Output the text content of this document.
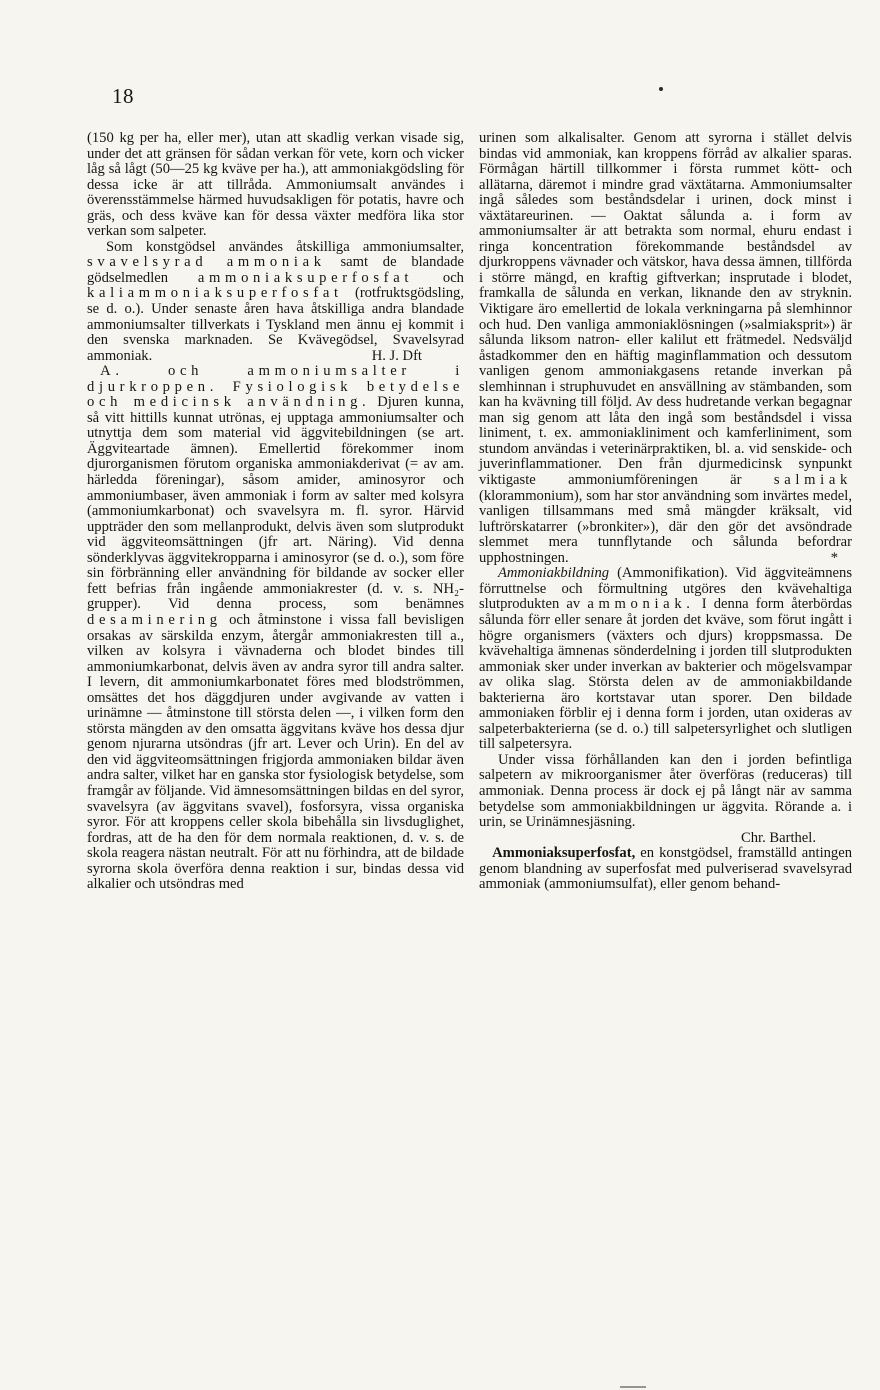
18

(150 kg per ha, eller mer), utan att skadlig verkan visade sig, under det att gränsen för sådan verkan för vete, korn och vicker låg så lågt (50—25 kg kväve per ha.), att ammoniakgödsling för dessa icke är att tillråda. Ammoniumsalt användes i överensstämmelse härmed huvudsakligen för potatis, havre och gräs, och dess kväve kan för dessa växter medföra lika stor verkan som salpeter.

Som konstgödsel användes åtskilliga ammoniumsalter, svavelsyrad ammoniak samt de blandade gödselmedlen ammoniaksuperfosfat och kaliammoniaksuperfosfat (rotfruktsgödsling, se d. o.). Under senaste åren hava åtskilliga andra blandade ammoniumsalter tillverkats i Tyskland men ännu ej kommit i den svenska marknaden. Se Kvävegödsel, Svavelsyrad ammoniak.	H. J. Dft

A. och ammoniumsalter i djurkroppen. Fysiologisk betydelse och medicinsk användning. Djuren kunna, så vitt hittills kunnat utrönas, ej upptaga ammoniumsalter och utnyttja dem som material vid äggvitebildningen (se art. Äggviteartade ämnen). Emellertid förekommer inom djurorganismen förutom organiska ammoniakderivat (= av am. härledda föreningar), såsom amider, aminosyror och ammoniumbaser, även ammoniak i form av salter med kolsyra (ammoniumkarbonat) och svavelsyra m. fl. syror. Härvid uppträder den som mellanprodukt, delvis även som slutprodukt vid äggviteomsättningen (jfr art. Näring). Vid denna sönderklyvas äggvitekropparna i aminosyror (se d. o.), som före sin förbränning eller användning för bildande av socker eller fett befrias från ingående ammoniakrester (d. v. s. NH₂-grupper). Vid denna process, som benämnes desaminering och åtminstone i vissa fall bevisligen orsakas av särskilda enzym, återgår ammoniakresten till a., vilken av kolsyra i vävnaderna och blodet bindes till ammoniumkarbonat, delvis även av andra syror till andra salter. I levern, dit ammoniumkarbonatet föres med blodströmmen, omsättes det hos däggdjuren under avgivande av vatten i urinämne — åtminstone till största delen —, i vilken form den största mängden av den omsatta äggvitans kväve hos dessa djur genom njurarna utsöndras (jfr art. Lever och Urin). En del av den vid äggviteomsättningen frigjorda ammoniaken bildar även andra salter, vilket har en ganska stor fysiologisk betydelse, som framgår av följande. Vid ämnesomsättningen bildas en del syror, svavelsyra (av äggvitans svavel), fosforsyra, vissa organiska syror. För att kroppens celler skola bibehålla sin livsduglighet, fordras, att de ha den för dem normala reaktionen, d. v. s. de skola reagera nästan neutralt. För att nu förhindra, att de bildade syrorna skola överföra denna reaktion i sur, bindas dessa vid alkalier och utsöndras med

urinen som alkalisalter. Genom att syrorna i stället delvis bindas vid ammoniak, kan kroppens förråd av alkalier sparas. Förmågan härtill tillkommer i första rummet kött- och allätarna, däremot i mindre grad växtätarna. Ammoniumsalter ingå således som beståndsdelar i urinen, dock minst i växtätareurinen. — Oaktat sålunda a. i form av ammoniumsalter är att betrakta som normal, ehuru endast i ringa koncentration förekommande beståndsdel av djurkroppens vävnader och vätskor, hava dessa ämnen, tillförda i större mängd, en kraftig giftverkan; insprutade i blodet, framkalla de sålunda en verkan, liknande den av stryknin. Viktigare äro emellertid de lokala verkningarna på slemhinnor och hud. Den vanliga ammoniaklösningen (»salmiaksprit») är sålunda liksom natron- eller kalilut ett frätmedel. Nedsväljd åstadkommer den en häftig maginflammation och dessutom vanligen genom ammoniakgasens retande inverkan på slemhinnan i struphuvudet en ansvällning av stämbanden, som kan ha kvävning till följd. Av dess hudretande verkan begagnar man sig genom att låta den ingå som beståndsdel i vissa liniment, t. ex. ammoniakliniment och kamferliniment, som stundom användas i veterinärpraktiken, bl. a. vid senskide- och juverinflammationer. Den från djurmedicinsk synpunkt viktigaste ammoniumföreningen är salmiak (klorammonium), som har stor användning som invärtes medel, vanligen tillsammans med små mängder kräksalt, vid luftrörskatarrer (»bronkiter»), där den gör det avsöndrade slemmet mera tunnflytande och sålunda befordrar upphostningen.	*

Ammoniakbildning (Ammonifikation). Vid äggviteämnens förruttnelse och förmultning utgöres den kvävehaltiga slutprodukten av ammoniak. I denna form återbördas sålunda förr eller senare åt jorden det kväve, som förut ingått i högre organismers (växters och djurs) kroppsmassa. De kvävehaltiga ämnenas sönderdelning i jorden till slutprodukten ammoniak sker under inverkan av bakterier och mögelsvampar av olika slag. Största delen av de ammoniakbildande bakterierna äro kortstavar utan sporer. Den bildade ammoniaken förblir ej i denna form i jorden, utan oxideras av salpeterbakterierna (se d. o.) till salpetersyrlighet och slutligen till salpetersyra.

Under vissa förhållanden kan den i jorden befintliga salpetern av mikroorganismer åter överföras (reduceras) till ammoniak. Denna process är dock ej på långt när av samma betydelse som ammoniakbildningen ur äggvita. Rörande a. i urin, se Urinämnesjäsning.
Chr. Barthel.

Ammoniaksuperfosfat, en konstgödsel, framställd antingen genom blandning av superfosfat med pulveriserad svavelsyrad ammoniak (ammoniumsulfat), eller genom behand-
